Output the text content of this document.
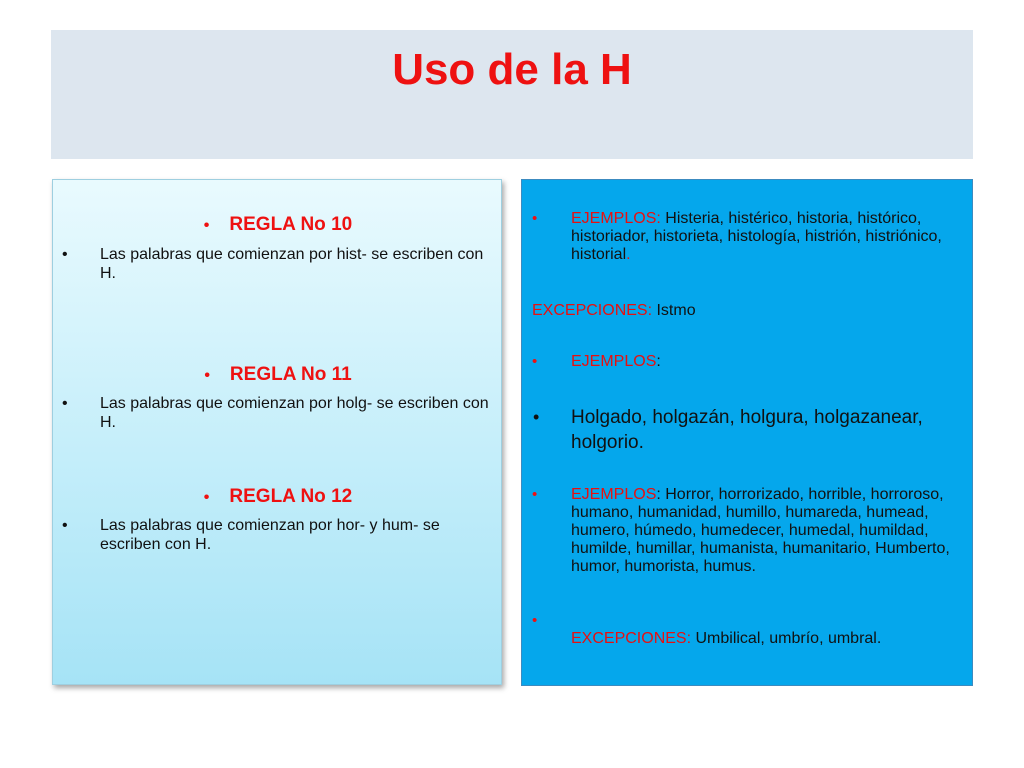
Uso de la H
• REGLA No 10
• Las palabras que comienzan por hist- se escriben con H.
• REGLA No 11
• Las palabras que comienzan por holg- se escriben con H.
• REGLA No 12
• Las palabras que comienzan por hor- y hum- se escriben con H.
• EJEMPLOS: Histeria, histérico, historia, histórico, historiador, historieta, histología, histrión, histriónico, historial.
EXCEPCIONES: Istmo
• EJEMPLOS:
• Holgado, holgazán, holgura, holgazanear, holgorio.
• EJEMPLOS: Horror, horrorizado, horrible, horroroso, humano, humanidad, humillo, humareda, humead, humero, húmedo, humedecer, humedal, humildad, humilde, humillar, humanista, humanitario, Humberto, humor, humorista, humus.
•

EXCEPCIONES: Umbilical, umbrío, umbral.
